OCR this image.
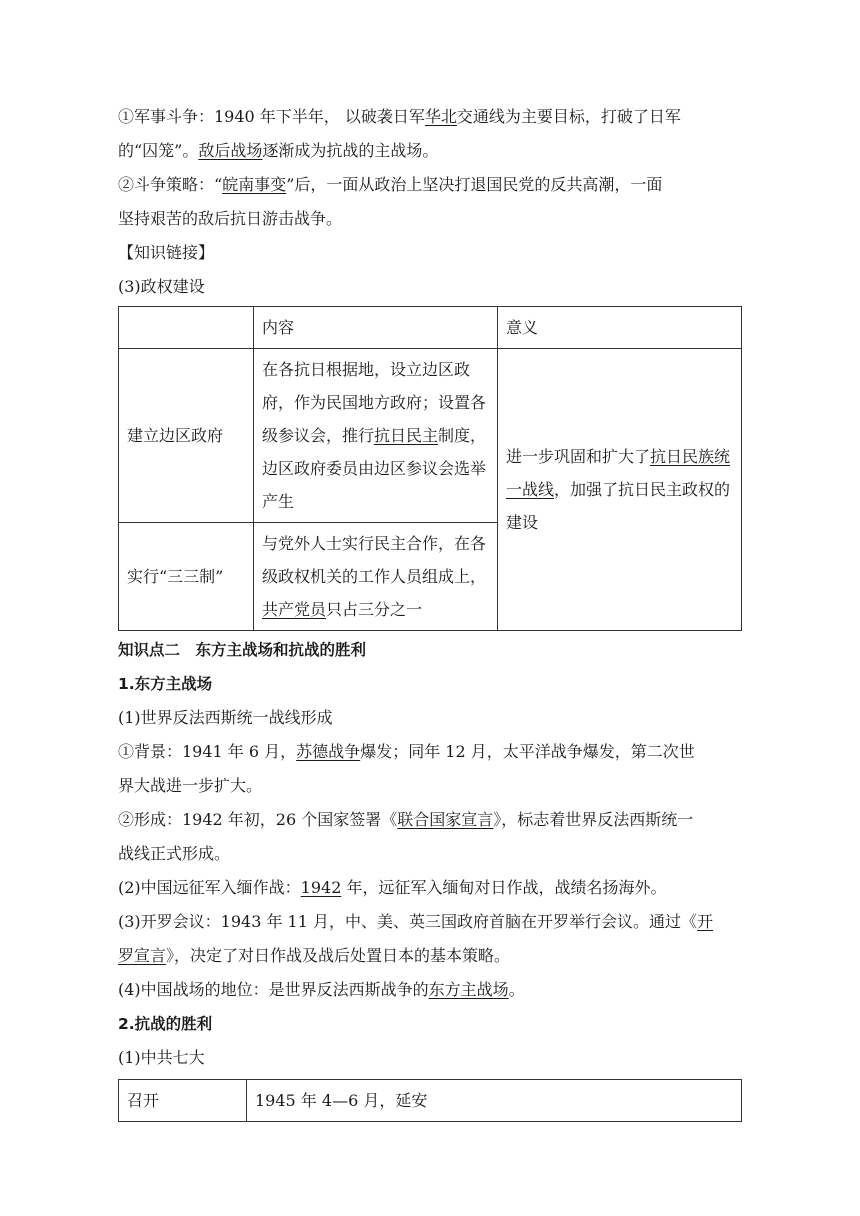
①军事斗争：1940 年下半年， 以破袭日军华北交通线为主要目标，打破了日军
的“囚笼”。敌后战场逐渐成为抗战的主战场。

②斗争策略：“皖南事变”后，一面从政治上坚决打退国民党的反共高潮，一面
坚持艰苦的敌后抗日游击战争。

【知识链接】

(3)政权建设

	内容	意义
建立边区政府	在各抗日根据地，设立边区政府，作为民国地方政府；设置各级参议会，推行抗日民主制度，边区政府委员由边区参议会选举产生	进一步巩固和扩大了抗日民族统一战线，加强了抗日民主政权的建设
实行“三三制”	与党外人士实行民主合作，在各级政权机关的工作人员组成上，共产党员只占三分之一	

知识点二　东方主战场和抗战的胜利

1.东方主战场

(1)世界反法西斯统一战线形成

①背景：1941 年 6 月，苏德战争爆发；同年 12 月，太平洋战争爆发，第二次世
界大战进一步扩大。

②形成：1942 年初，26 个国家签署《联合国家宣言》，标志着世界反法西斯统一
战线正式形成。

(2)中国远征军入缅作战：1942 年，远征军入缅甸对日作战，战绩名扬海外。

(3)开罗会议：1943 年 11 月，中、美、英三国政府首脑在开罗举行会议。通过《开
罗宣言》，决定了对日作战及战后处置日本的基本策略。

(4)中国战场的地位：是世界反法西斯战争的东方主战场。

2.抗战的胜利

(1)中共七大

召开	1945 年 4—6 月，延安
